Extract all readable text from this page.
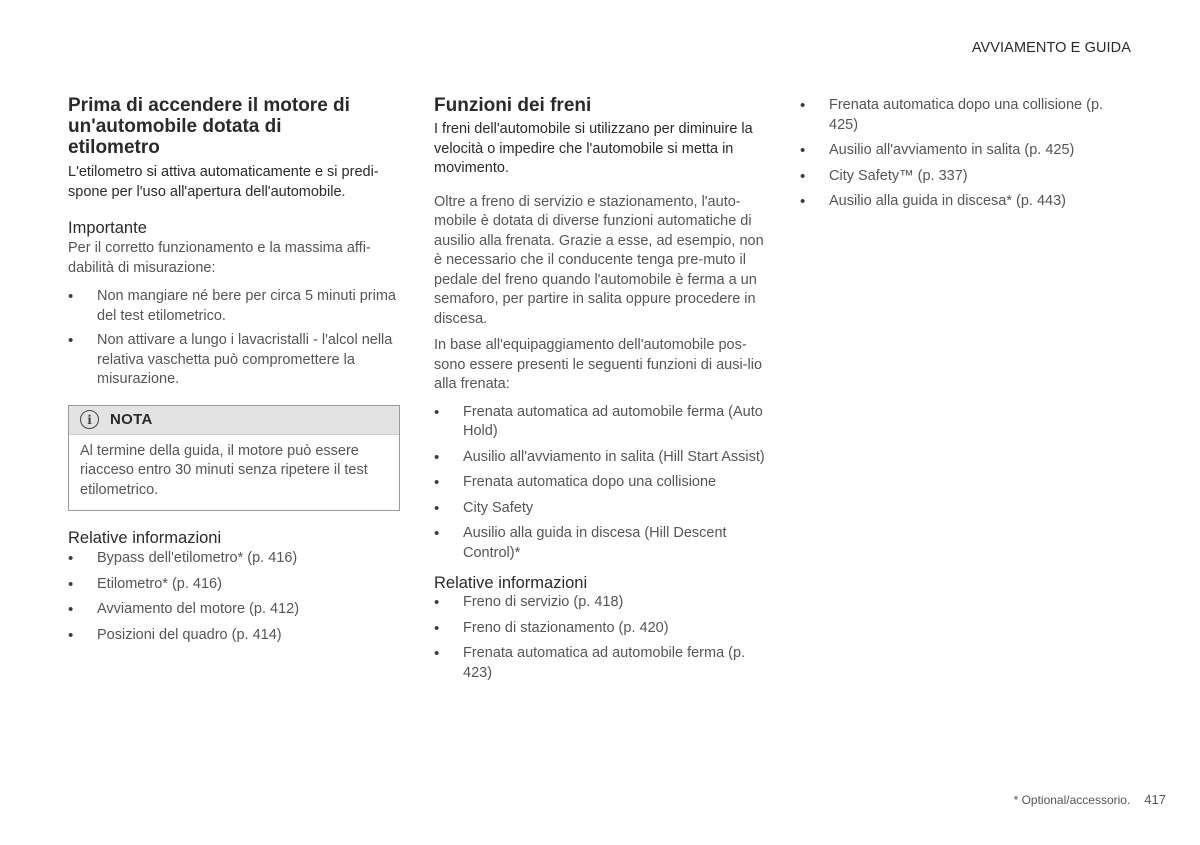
AVVIAMENTO E GUIDA
Prima di accendere il motore di un'automobile dotata di etilometro

L'etilometro si attiva automaticamente e si predi-spone per l'uso all'apertura dell'automobile.

Importante

Per il corretto funzionamento e la massima affi-dabilità di misurazione:

• Non mangiare né bere per circa 5 minuti prima del test etilometrico.
• Non attivare a lungo i lavacristalli - l'alcol nella relativa vaschetta può compromettere la misurazione.
i	NOTA
Al termine della guida, il motore può essere riacceso entro 30 minuti senza ripetere il test etilometrico.
Relative informazioni
• Bypass dell'etilometro* (p. 416)
• Etilometro* (p. 416)
• Avviamento del motore (p. 412)
• Posizioni del quadro (p. 414)
Funzioni dei freni

I freni dell'automobile si utilizzano per diminuire la velocità o impedire che l'automobile si metta in movimento.

Oltre a freno di servizio e stazionamento, l'auto-mobile è dotata di diverse funzioni automatiche di ausilio alla frenata. Grazie a esse, ad esempio, non è necessario che il conducente tenga pre-muto il pedale del freno quando l'automobile è ferma a un semaforo, per partire in salita oppure procedere in discesa.

In base all'equipaggiamento dell'automobile pos-sono essere presenti le seguenti funzioni di ausi-lio alla frenata:

• Frenata automatica ad automobile ferma (Auto Hold)
• Ausilio all'avviamento in salita (Hill Start Assist)
• Frenata automatica dopo una collisione
• City Safety
• Ausilio alla guida in discesa (Hill Descent Control)*
Relative informazioni
• Freno di servizio (p. 418)
• Freno di stazionamento (p. 420)
• Frenata automatica ad automobile ferma (p. 423)
• Frenata automatica dopo una collisione (p. 425)
• Ausilio all'avviamento in salita (p. 425)
• City Safety™ (p. 337)
• Ausilio alla guida in discesa* (p. 443)
* Optional/accessorio. 417
